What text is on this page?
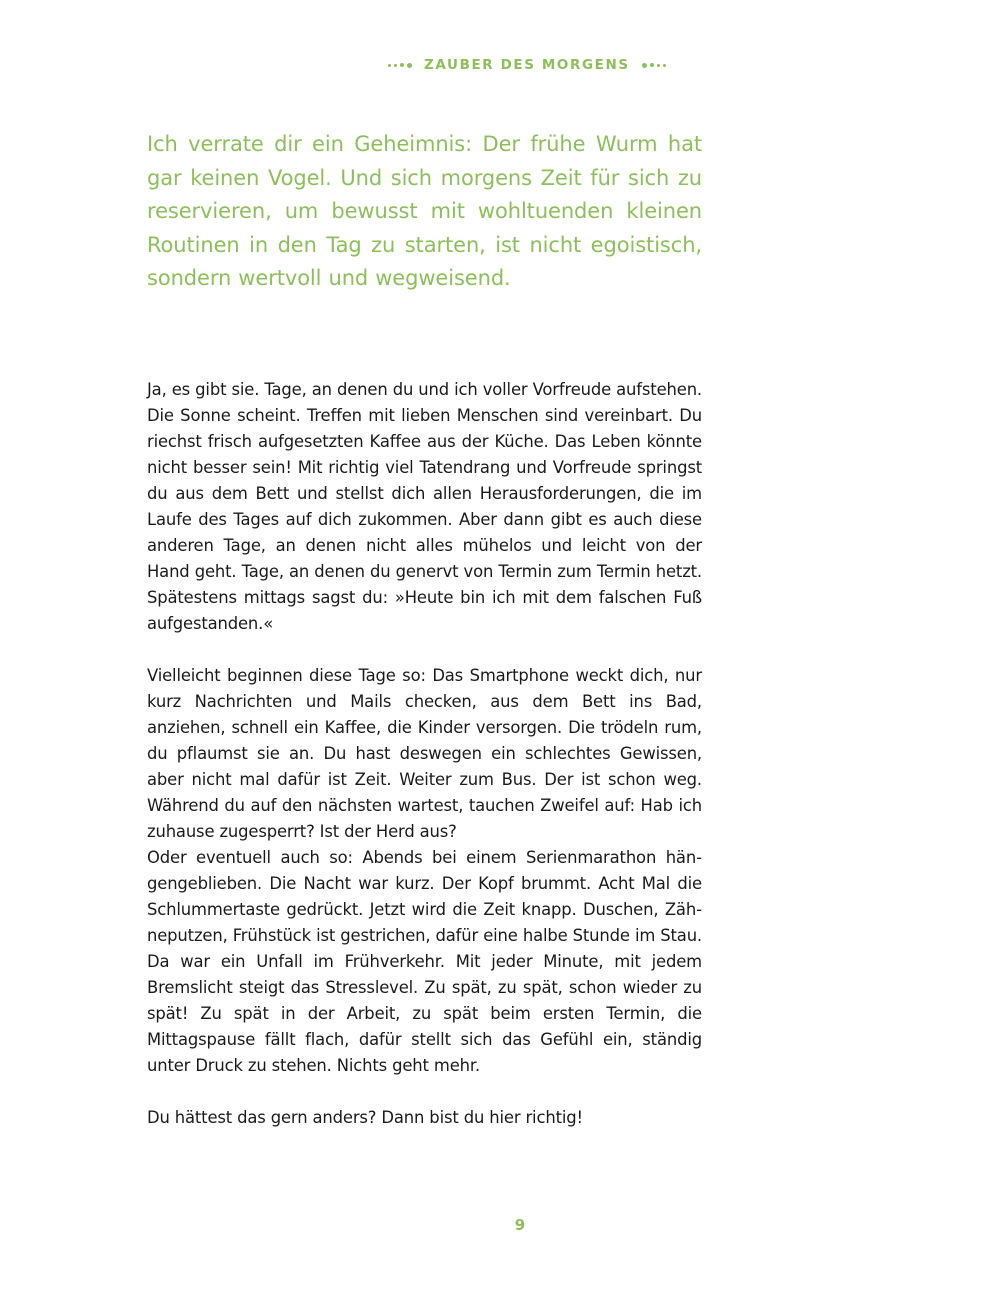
ZAUBER DES MORGENS

Ich verrate dir ein Geheimnis: Der frühe Wurm hat gar keinen Vogel. Und sich morgens Zeit für sich zu reservieren, um bewusst mit wohltuenden kleinen Routinen in den Tag zu starten, ist nicht egoistisch, sondern wertvoll und wegweisend.

Ja, es gibt sie. Tage, an denen du und ich voller Vorfreude aufstehen. Die Sonne scheint. Treffen mit lieben Menschen sind vereinbart. Du riechst frisch aufgesetzten Kaffee aus der Küche. Das Leben könnte nicht besser sein! Mit richtig viel Tatendrang und Vorfreude springst du aus dem Bett und stellst dich allen Herausforderungen, die im Laufe des Tages auf dich zukommen. Aber dann gibt es auch diese anderen Tage, an denen nicht alles mühelos und leicht von der Hand geht. Tage, an denen du genervt von Termin zum Termin hetzt. Spätestens mittags sagst du: »Heute bin ich mit dem falschen Fuß aufgestanden.«

Vielleicht beginnen diese Tage so: Das Smartphone weckt dich, nur kurz Nachrichten und Mails checken, aus dem Bett ins Bad, anziehen, schnell ein Kaffee, die Kinder versorgen. Die trödeln rum, du pflaumst sie an. Du hast deswegen ein schlechtes Gewissen, aber nicht mal dafür ist Zeit. Weiter zum Bus. Der ist schon weg. Während du auf den nächsten wartest, tauchen Zweifel auf: Hab ich zuhause zugesperrt? Ist der Herd aus?

Oder eventuell auch so: Abends bei einem Serienmarathon hängengeblieben. Die Nacht war kurz. Der Kopf brummt. Acht Mal die Schlummertaste gedrückt. Jetzt wird die Zeit knapp. Duschen, Zähneputzen, Frühstück ist gestrichen, dafür eine halbe Stunde im Stau. Da war ein Unfall im Frühverkehr. Mit jeder Minute, mit jedem Bremslicht steigt das Stresslevel. Zu spät, zu spät, schon wieder zu spät! Zu spät in der Arbeit, zu spät beim ersten Termin, die Mittagspause fällt flach, dafür stellt sich das Gefühl ein, ständig unter Druck zu stehen. Nichts geht mehr.

Du hättest das gern anders? Dann bist du hier richtig!

9
